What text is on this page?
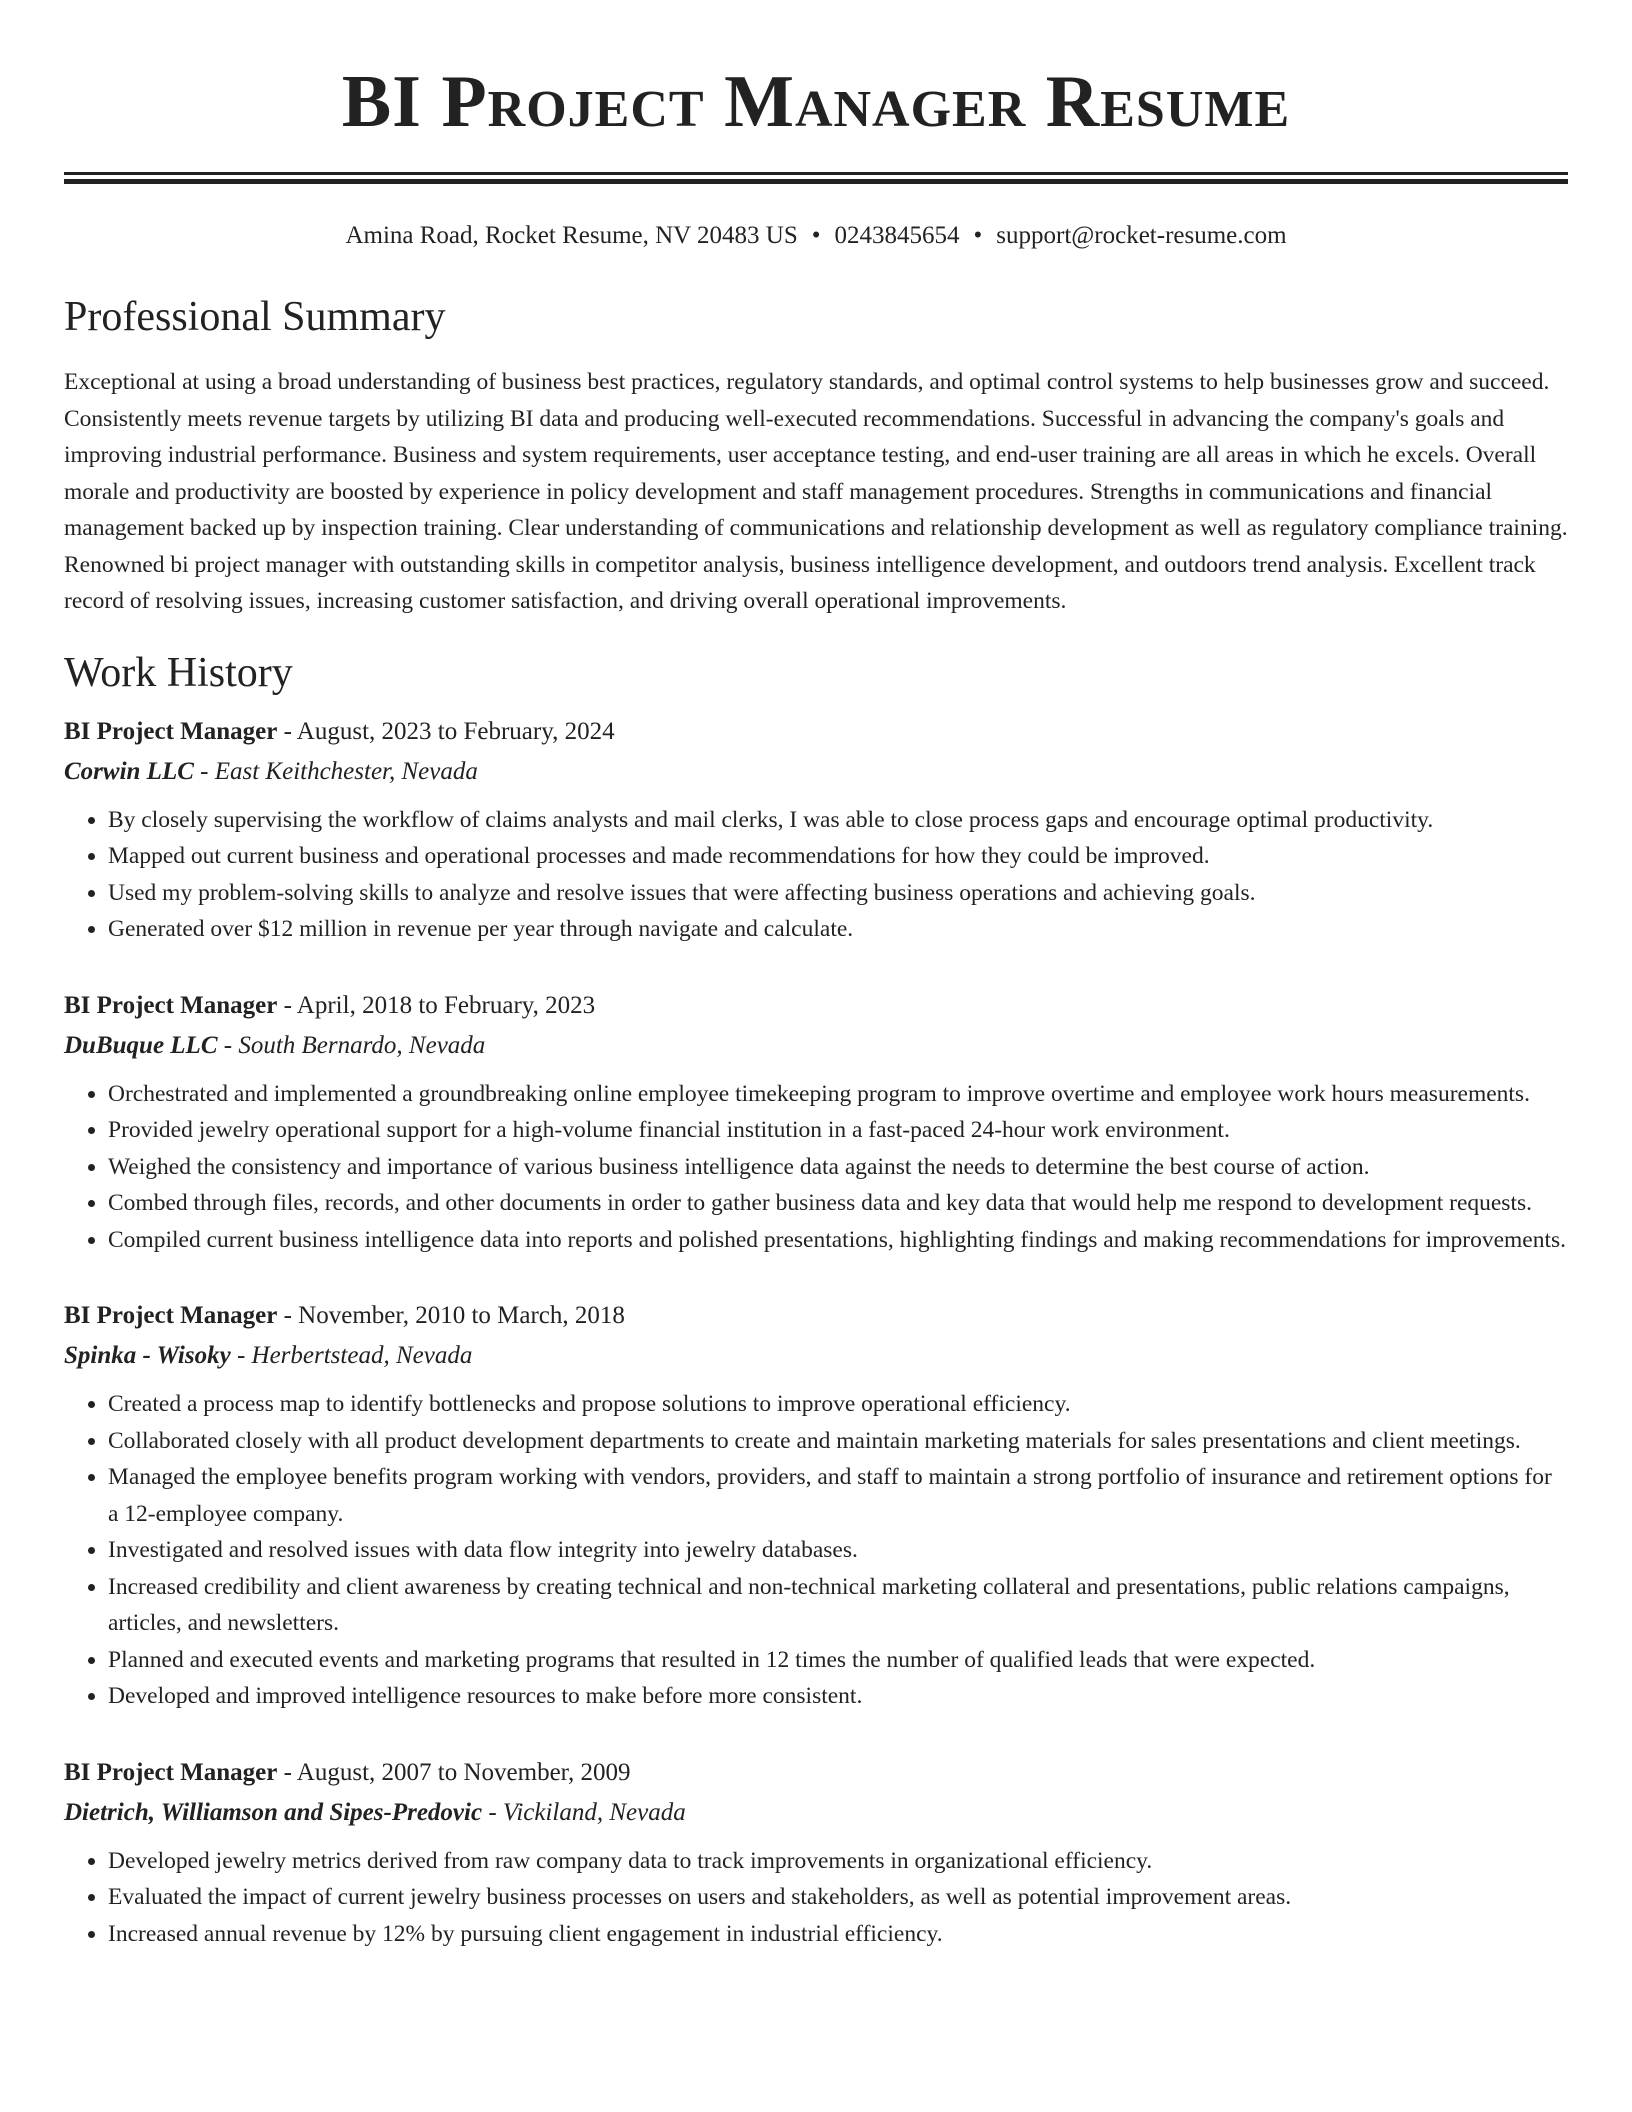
BI Project Manager Resume
Amina Road, Rocket Resume, NV 20483 US • 0243845654 • support@rocket-resume.com
Professional Summary

Exceptional at using a broad understanding of business best practices, regulatory standards, and optimal control systems to help businesses grow and succeed. Consistently meets revenue targets by utilizing BI data and producing well-executed recommendations. Successful in advancing the company's goals and improving industrial performance. Business and system requirements, user acceptance testing, and end-user training are all areas in which he excels. Overall morale and productivity are boosted by experience in policy development and staff management procedures. Strengths in communications and financial management backed up by inspection training. Clear understanding of communications and relationship development as well as regulatory compliance training. Renowned bi project manager with outstanding skills in competitor analysis, business intelligence development, and outdoors trend analysis. Excellent track record of resolving issues, increasing customer satisfaction, and driving overall operational improvements.

Work History
BI Project Manager - August, 2023 to February, 2024
Corwin LLC - East Keithchester, Nevada
• By closely supervising the workflow of claims analysts and mail clerks, I was able to close process gaps and encourage optimal productivity.
• Mapped out current business and operational processes and made recommendations for how they could be improved.
• Used my problem-solving skills to analyze and resolve issues that were affecting business operations and achieving goals.
• Generated over $12 million in revenue per year through navigate and calculate.
BI Project Manager - April, 2018 to February, 2023
DuBuque LLC - South Bernardo, Nevada
• Orchestrated and implemented a groundbreaking online employee timekeeping program to improve overtime and employee work hours measurements.
• Provided jewelry operational support for a high-volume financial institution in a fast-paced 24-hour work environment.
• Weighed the consistency and importance of various business intelligence data against the needs to determine the best course of action.
• Combed through files, records, and other documents in order to gather business data and key data that would help me respond to development requests.
• Compiled current business intelligence data into reports and polished presentations, highlighting findings and making recommendations for improvements.
BI Project Manager - November, 2010 to March, 2018
Spinka - Wisoky - Herbertstead, Nevada
• Created a process map to identify bottlenecks and propose solutions to improve operational efficiency.
• Collaborated closely with all product development departments to create and maintain marketing materials for sales presentations and client meetings.
• Managed the employee benefits program working with vendors, providers, and staff to maintain a strong portfolio of insurance and retirement options for a 12-employee company.
• Investigated and resolved issues with data flow integrity into jewelry databases.
• Increased credibility and client awareness by creating technical and non-technical marketing collateral and presentations, public relations campaigns, articles, and newsletters.
• Planned and executed events and marketing programs that resulted in 12 times the number of qualified leads that were expected.
• Developed and improved intelligence resources to make before more consistent.
BI Project Manager - August, 2007 to November, 2009
Dietrich, Williamson and Sipes-Predovic - Vickiland, Nevada
• Developed jewelry metrics derived from raw company data to track improvements in organizational efficiency.
• Evaluated the impact of current jewelry business processes on users and stakeholders, as well as potential improvement areas.
• Increased annual revenue by 12% by pursuing client engagement in industrial efficiency.
